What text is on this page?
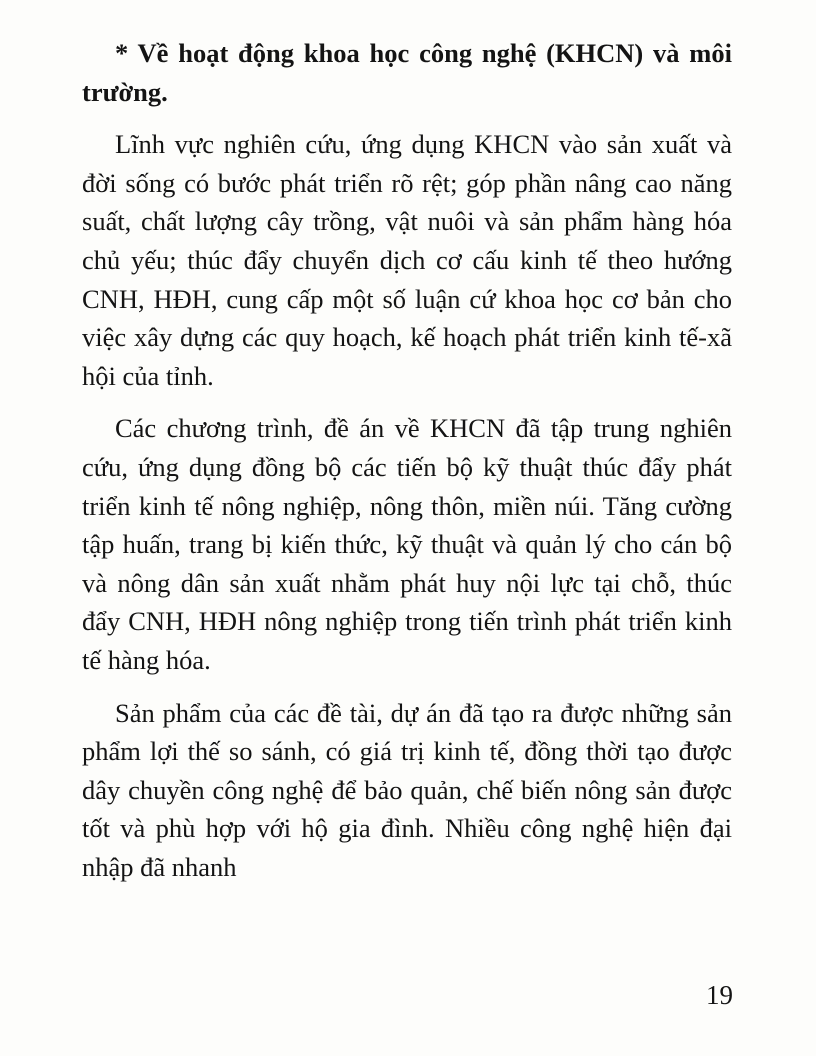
* Về hoạt động khoa học công nghệ (KHCN) và môi trường.

Lĩnh vực nghiên cứu, ứng dụng KHCN vào sản xuất và đời sống có bước phát triển rõ rệt; góp phần nâng cao năng suất, chất lượng cây trồng, vật nuôi và sản phẩm hàng hóa chủ yếu; thúc đẩy chuyển dịch cơ cấu kinh tế theo hướng CNH, HĐH, cung cấp một số luận cứ khoa học cơ bản cho việc xây dựng các quy hoạch, kế hoạch phát triển kinh tế-xã hội của tỉnh.

Các chương trình, đề án về KHCN đã tập trung nghiên cứu, ứng dụng đồng bộ các tiến bộ kỹ thuật thúc đẩy phát triển kinh tế nông nghiệp, nông thôn, miền núi. Tăng cường tập huấn, trang bị kiến thức, kỹ thuật và quản lý cho cán bộ và nông dân sản xuất nhằm phát huy nội lực tại chỗ, thúc đẩy CNH, HĐH nông nghiệp trong tiến trình phát triển kinh tế hàng hóa.

Sản phẩm của các đề tài, dự án đã tạo ra được những sản phẩm lợi thế so sánh, có giá trị kinh tế, đồng thời tạo được dây chuyền công nghệ để bảo quản, chế biến nông sản được tốt và phù hợp với hộ gia đình. Nhiều công nghệ hiện đại nhập đã nhanh

19
